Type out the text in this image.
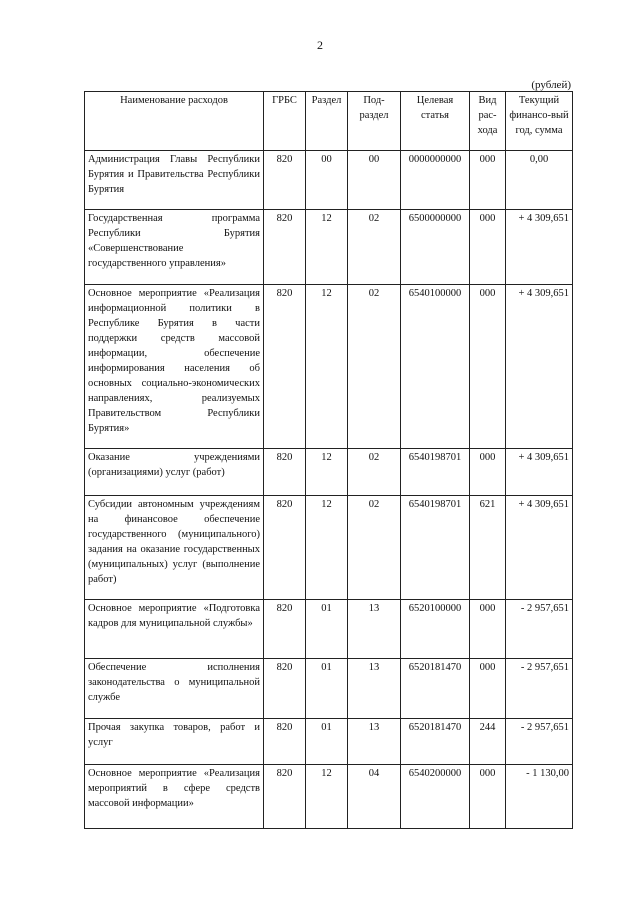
2
(рублей)
Наименование расходов	ГРБС	Раздел	Под-раздел	Целевая статья	Вид рас-хода	Текущий финансо-вый год, сумма
Администрация Главы Республики Бурятия и Правительства Республики Бурятия	820	00	00	0000000000	000	0,00
Государственная программа Республики Бурятия «Совершенствование государственного управления»	820	12	02	6500000000	000	+ 4 309,651
Основное мероприятие «Реализация информационной политики в Республике Бурятия в части поддержки средств массовой информации, обеспечение информирования населения об основных социально-экономических направлениях, реализуемых Правительством Республики Бурятия»	820	12	02	6540100000	000	+ 4 309,651
Оказание учреждениями (организациями) услуг (работ)	820	12	02	6540198701	000	+ 4 309,651
Субсидии автономным учреждениям на финансовое обеспечение государственного (муниципального) задания на оказание государственных (муниципальных) услуг (выполнение работ)	820	12	02	6540198701	621	+ 4 309,651
Основное мероприятие «Подготовка кадров для муниципальной службы»	820	01	13	6520100000	000	- 2 957,651
Обеспечение исполнения законодательства о муниципальной службе	820	01	13	6520181470	000	- 2 957,651
Прочая закупка товаров, работ и услуг	820	01	13	6520181470	244	- 2 957,651
Основное мероприятие «Реализация мероприятий в сфере средств массовой информации»	820	12	04	6540200000	000	- 1 130,00
